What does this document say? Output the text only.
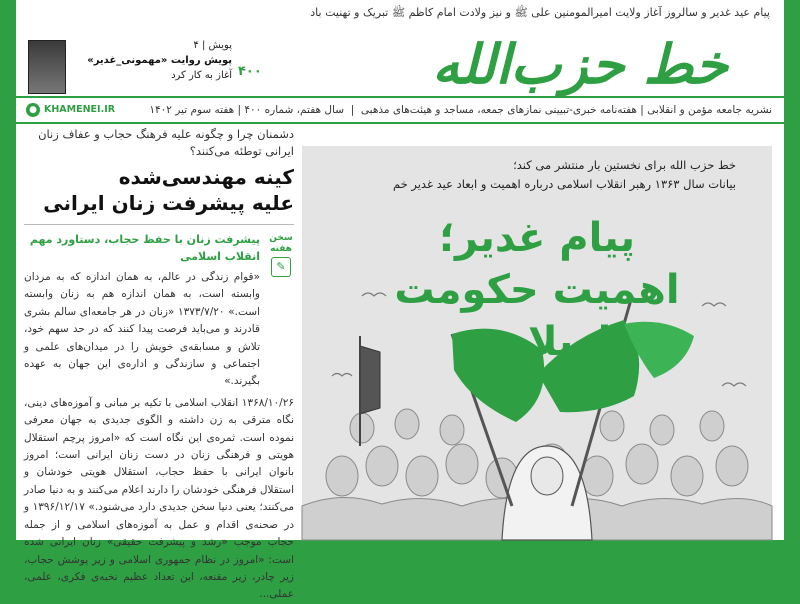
پیام عید غدیر و سالروز آغاز ولایت امیرالمومنین علی ﷺ و نیز ولادت امام کاظم ﷺ تبریک و تهنیت باد
خط حزب‌الله
۴۰۰
پویش | ۴
پویش روایت «مهمونی_غدیر»
آغاز به کار کرد
نشریه جامعه مؤمن و انقلابی | هفته‌نامه خبری-تبیینی نمازهای جمعه، مساجد و هیئت‌های مذهبی  |  سال هفتم، شماره ۴۰۰ | هفته سوم تیر ۱۴۰۲
● KHAMENEI.IR

دشمنان چرا و چگونه علیه فرهنگ حجاب و عفاف زنان ایرانی توطئه می‌کنند؟

کینه مهندسی‌شده

علیه پیشرفت زنان ایرانی

سخن هفته
✎
پیشرفت زنان با حفظ حجاب، دستاورد مهم انقلاب اسلامی

«قوام زندگی در عالم، به همان اندازه که به مردان وابسته است، به همان اندازه هم به زنان وابسته است.» ۱۳۷۳/۷/۲۰ «زنان در هر جامعه‌ای سالم بشری قادرند و می‌باید فرصت پیدا کنند که در حد سهم خود، تلاش و مسابقه‌ی خویش را در میدان‌های علمی و اجتماعی و سازندگی و اداره‌ی این جهان به عهده بگیرند.»

۱۳۶۸/۱۰/۲۶ انقلاب اسلامی با تکیه بر مبانی و آموزه‌های دینی، نگاه مترقی به زن داشته و الگوی جدیدی به جهان معرفی نموده است. ثمره‌ی این نگاه است که «امروز پرچم استقلال هویتی و فرهنگی زنان در دست زنان ایرانی است؛ امروز بانوان ایرانی با حفظ حجاب، استقلال هویتی خودشان و استقلال فرهنگی خودشان را دارند اعلام می‌کنند و به دنیا صادر می‌کنند؛ یعنی دنیا سخن جدیدی دارد می‌شنود.» ۱۳۹۶/۱۲/۱۷ و در صحنه‌ی اقدام و عمل به آموزه‌های اسلامی و از جمله حجاب موجب «رشد و پیشرفت حقیقی» زنان ایرانی شده است: «امروز در نظام جمهوری اسلامی و زیر پوشش حجاب، زیر چادر، زیر مقنعه، این تعداد عظیم نخبه‌ی فکری، علمی، عملی...

خط حزب الله برای نخستین بار منتشر می کند؛
بیانات سال ۱۳۶۳ رهبر انقلاب اسلامی درباره اهمیت و ابعاد عید غدیر خم
پیام غدیر؛
اهمیت حکومت اسلامی
